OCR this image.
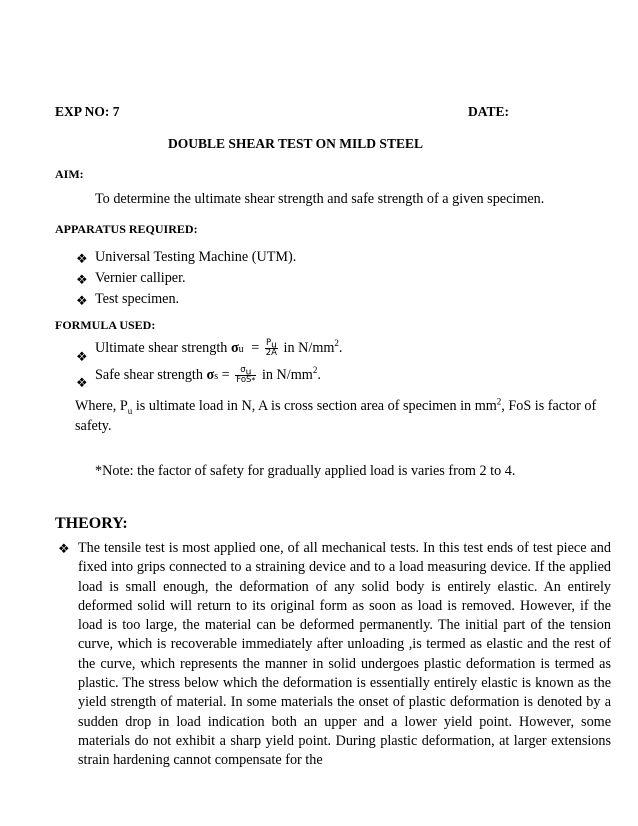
EXP NO: 7	DATE:
DOUBLE SHEAR TEST ON MILD STEEL
AIM:
To determine the ultimate shear strength and safe strength of a given specimen.
APPARATUS REQUIRED:
❖ Universal Testing Machine (UTM).
❖ Vernier calliper.
❖ Test specimen.
FORMULA USED:
❖
Ultimate shear strength $\sigma u = \frac{P_u}{2A}$ in $N/mm^2$.
❖ Safe shear strength $\sigma s = \frac{\sigma_u}{\text{FoS*}}$ in $N/mm^2$.
Where, $P_u$ is ultimate load in N, A is cross section area of specimen in $mm^2$, FoS is factor of safety.
*Note: the factor of safety for gradually applied load is varies from 2 to 4.
THEORY:
❖ The tensile test is most applied one, of all mechanical tests. In this test ends of test piece and fixed into grips connected to a straining device and to a load measuring device. If the applied load is small enough, the deformation of any solid body is entirely elastic. An entirely deformed solid will return to its original form as soon as load is removed. However, if the load is too large, the material can be deformed permanently. The initial part of the tension curve, which is recoverable immediately after unloading ,is termed as elastic and the rest of the curve, which represents the manner in solid undergoes plastic deformation is termed as plastic. The stress below which the deformation is essentially entirely elastic is known as the yield strength of material. In some materials the onset of plastic deformation is denoted by a sudden drop in load indication both an upper and a lower yield point. However, some materials do not exhibit a sharp yield point. During plastic deformation, at larger extensions strain hardening cannot compensate for the
